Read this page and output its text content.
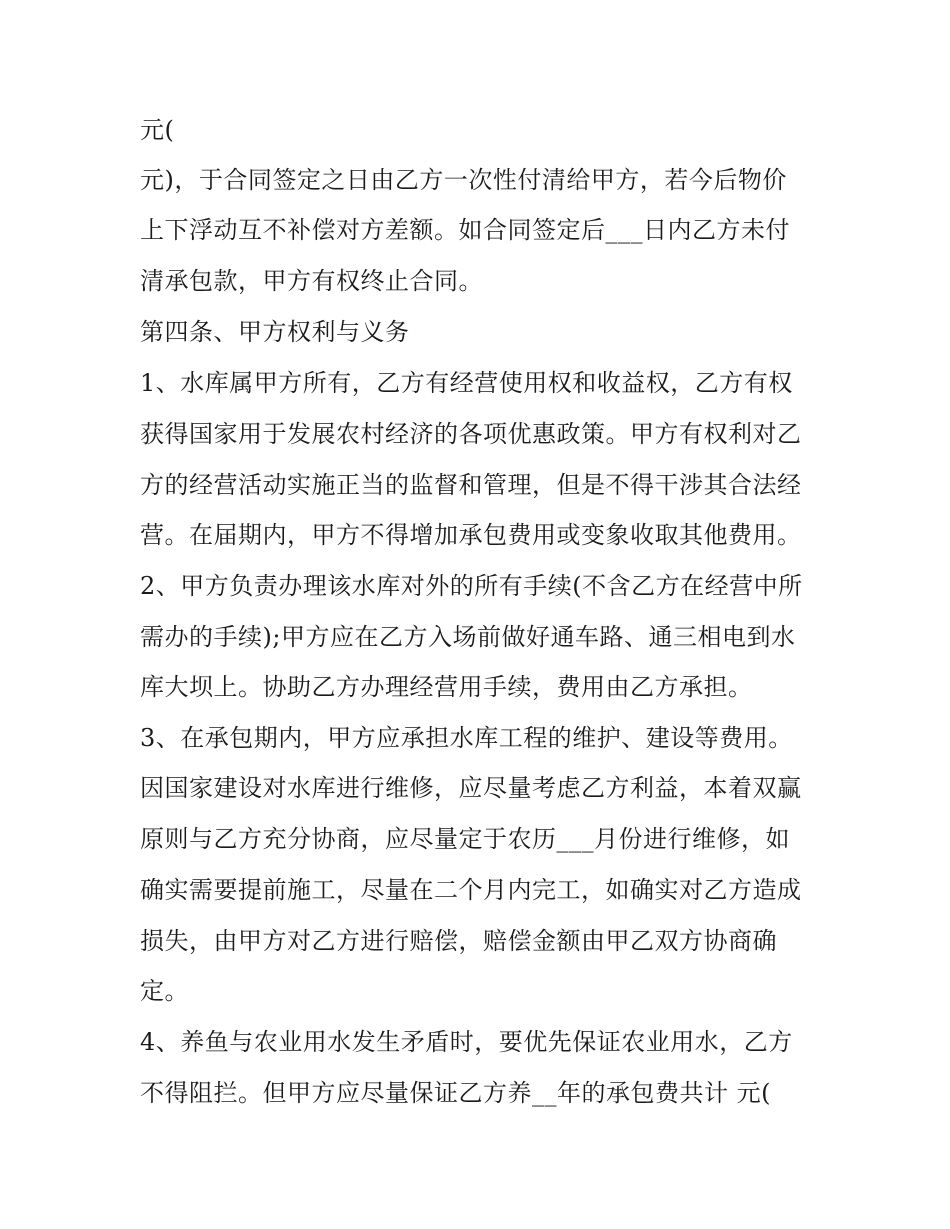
元(
元)，于合同签定之日由乙方一次性付清给甲方，若今后物价
上下浮动互不补偿对方差额。如合同签定后___日内乙方未付
清承包款，甲方有权终止合同。
第四条、甲方权利与义务
1、水库属甲方所有，乙方有经营使用权和收益权，乙方有权
获得国家用于发展农村经济的各项优惠政策。甲方有权利对乙
方的经营活动实施正当的监督和管理，但是不得干涉其合法经
营。在届期内，甲方不得增加承包费用或变象收取其他费用。
2、甲方负责办理该水库对外的所有手续(不含乙方在经营中所
需办的手续);甲方应在乙方入场前做好通车路、通三相电到水
库大坝上。协助乙方办理经营用手续，费用由乙方承担。
3、在承包期内，甲方应承担水库工程的维护、建设等费用。
因国家建设对水库进行维修，应尽量考虑乙方利益，本着双赢
原则与乙方充分协商，应尽量定于农历___月份进行维修，如
确实需要提前施工，尽量在二个月内完工，如确实对乙方造成
损失，由甲方对乙方进行赔偿，赔偿金额由甲乙双方协商确
定。
4、养鱼与农业用水发生矛盾时，要优先保证农业用水，乙方
不得阻拦。但甲方应尽量保证乙方养__年的承包费共计 元(
